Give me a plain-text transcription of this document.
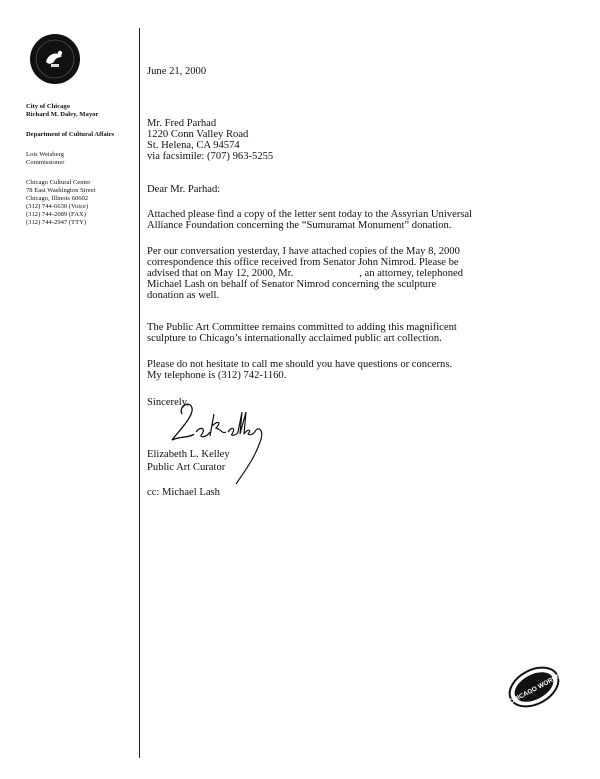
City of Chicago
Richard M. Daley, Mayor
Department of Cultural Affairs
Lois Weisberg
Commissioner
Chicago Cultural Center
78 East Washington Street
Chicago, Illinois 60602
(312) 744-6630 (Voice)
(312) 744-2089 (FAX)
(312) 744-2947 (TTY)
June 21, 2000
Mr. Fred Parhad
1220 Conn Valley Road
St. Helena, CA 94574
via facsimile: (707) 963-5255
Dear Mr. Parhad:
Attached please find a copy of the letter sent today to the Assyrian Universal
Alliance Foundation concerning the “Sumuramat Monument” donation.
Per our conversation yesterday, I have attached copies of the May 8, 2000
correspondence this office received from Senator John Nimrod. Please be
advised that on May 12, 2000, Mr.	, an attorney, telephoned
Michael Lash on behalf of Senator Nimrod concerning the sculpture
donation as well.
The Public Art Committee remains committed to adding this magnificent
sculpture to Chicago’s internationally acclaimed public art collection.
Please do not hesitate to call me should you have questions or concerns.
My telephone is (312) 742-1160.
Sincerely,
Elizabeth L. Kelley
Public Art Curator
cc: Michael Lash
CHICAGO WORKS
